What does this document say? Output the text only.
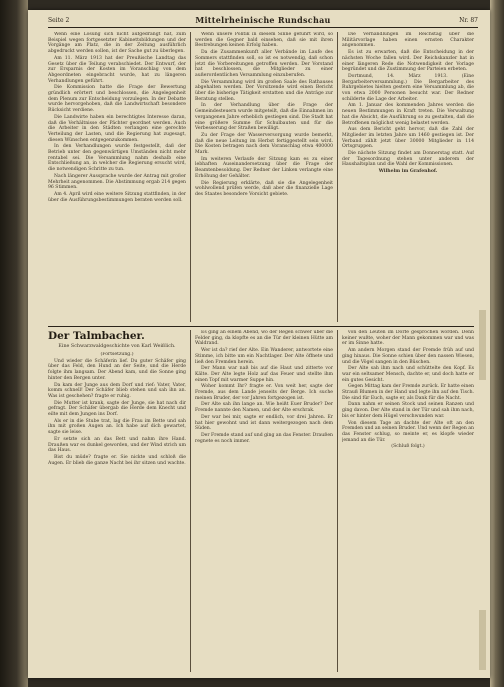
Seite 2	Mittelrheinische Rundschau	Nr. 87

Wenn eine Lösung sich nicht aufgedrängt hat, zum Beispiel wegen fortgesetzter Kabinettsbildungen und der Vorgänge am Platz, die in der Zeitung ausführlich abgedruckt werden sollen, ist der Sache gut zu überlegen.

Am 11. März 1913 hat der Preußische Landtag das Gesetz über die Teilung verabschiedet. Der Entwurf, der zur Ersparnis der Kosten im Voranschlag von dem Abgeordneten eingebracht wurde, hat zu längeren Verhandlungen geführt.

Die Kommission hatte die Frage der Bewertung gründlich erörtert und beschlossen, die Angelegenheit dem Plenum zur Entscheidung vorzulegen. In der Debatte wurde hervorgehoben, daß die Landwirtschaft besondere Rücksicht verdiene.

Die Landwirte haben ein berechtigtes Interesse daran, daß die Verhältnisse der Pächter geordnet werden. Auch die Arbeiter in den Städten verlangen eine gerechte Verteilung der Lasten, und die Regierung hat zugesagt, diesen Wünschen entgegenzukommen.

In den Verhandlungen wurde festgestellt, daß der Betrieb unter den gegenwärtigen Umständen nicht mehr rentabel sei. Die Versammlung nahm deshalb eine Entschließung an, in welcher die Regierung ersucht wird, die notwendigen Schritte zu tun.

Nach längerer Aussprache wurde der Antrag mit großer Mehrheit angenommen. Die Abstimmung ergab 214 gegen 96 Stimmen.

Am 4. April wird eine weitere Sitzung stattfinden, in der über die Ausführungsbestimmungen beraten werden soll.

Wenn unsere Politik in diesem Sinne geführt wird, so werden die Gegner bald einsehen, daß sie mit ihren Bestrebungen keinen Erfolg haben.

Da die Zusammenkunft aller Verbände im Laufe des Sommers stattfinden soll, so ist es notwendig, daß schon jetzt die Vorbereitungen getroffen werden. Der Vorstand hat beschlossen, die Mitglieder zu einer außerordentlichen Versammlung einzuberufen.

Die Versammlung wird im großen Saale des Rathauses abgehalten werden. Der Vorsitzende wird einen Bericht über die bisherige Tätigkeit erstatten und die Anträge zur Beratung stellen.

In der Verhandlung über die Frage der Gemeindesteuern wurde mitgeteilt, daß die Einnahmen im vergangenen Jahre erheblich gestiegen sind. Die Stadt hat eine größere Summe für Schulbauten und für die Verbesserung der Straßen bewilligt.

Zu der Frage der Wasserversorgung wurde bemerkt, daß die neue Leitung im Herbst fertiggestellt sein wird. Die Kosten betragen nach dem Voranschlag etwa 400000 Mark.

Im weiteren Verlaufe der Sitzung kam es zu einer lebhaften Auseinandersetzung über die Frage der Beamtenbesoldung. Der Redner der Linken verlangte eine Erhöhung der Gehälter.

Die Regierung erklärte, daß sie die Angelegenheit wohlwollend prüfen werde, daß aber die finanzielle Lage des Staates besondere Vorsicht gebiete.

Die Verhandlungen im Reichstag über die Militärvorlage haben einen ernsten Charakter angenommen.

Es ist zu erwarten, daß die Entscheidung in der nächsten Woche fallen wird. Der Reichskanzler hat in einer längeren Rede die Notwendigkeit der Vorlage begründet und die Zustimmung der Parteien erbeten.

Dortmund, 14. März 1913. (Eine Bergarbeiterversammlung.) Die Bergarbeiter des Ruhrgebietes hielten gestern eine Versammlung ab, die von etwa 2000 Personen besucht war. Der Redner schilderte die Lage der Arbeiter.

Am 1. Januar des kommenden Jahres werden die neuen Bestimmungen in Kraft treten. Die Verwaltung hat die Absicht, die Ausführung so zu gestalten, daß die Betroffenen möglichst wenig belastet werden.

Aus dem Bericht geht hervor, daß die Zahl der Mitglieder im letzten Jahre um 1460 gestiegen ist. Der Verband zählt jetzt über 30000 Mitglieder in 114 Ortsgruppen.

Die nächste Sitzung findet am Donnerstag statt. Auf der Tagesordnung stehen unter anderem der Haushaltsplan und die Wahl der Kommissionen.

Wilhelm im Grafenhof.

Der Talmbacher.
Eine Schwarzwaldgeschichte von Karl Weißlich.

(Fortsetzung.)

Und wieder die Schäferin lief. Du guter Schäfer ging über das Feld, den Hund an der Seite, und die Herde folgte ihm langsam. Der Abend kam, und die Sonne ging hinter den Bergen unter.

Da kam der Junge aus dem Dorf und rief: Vater, Vater, komm schnell! Der Schäfer blieb stehen und sah ihn an. Was ist geschehen? fragte er ruhig.

Die Mutter ist krank, sagte der Junge, sie hat nach dir gefragt. Der Schäfer übergab die Herde dem Knecht und eilte mit dem Jungen ins Dorf.

Als er in die Stube trat, lag die Frau im Bette und sah ihn mit großen Augen an. Ich habe auf dich gewartet, sagte sie leise.

Er setzte sich an das Bett und nahm ihre Hand. Draußen war es dunkel geworden, und der Wind strich um das Haus.

Bist du müde? fragte er. Sie nickte und schloß die Augen. Er blieb die ganze Nacht bei ihr sitzen und wachte.

Es ging an einem Abend, wo der Regen schwer über die Felder ging, da klopfte es an die Tür der kleinen Hütte am Waldrand.

Wer ist da? rief der Alte. Ein Wanderer, antwortete eine Stimme, ich bitte um ein Nachtlager. Der Alte öffnete und ließ den Fremden herein.

Der Mann war naß bis auf die Haut und zitterte vor Kälte. Der Alte legte Holz auf das Feuer und stellte ihm einen Topf mit warmer Suppe hin.

Woher kommt Ihr? fragte er. Von weit her, sagte der Fremde, aus dem Lande jenseits der Berge. Ich suche meinen Bruder, der vor Jahren fortgezogen ist.

Der Alte sah ihn lange an. Wie heißt Euer Bruder? Der Fremde nannte den Namen, und der Alte erschrak.

Der war bei mir, sagte er endlich, vor drei Jahren. Er hat hier gewohnt und ist dann weitergezogen nach dem Süden.

Der Fremde stand auf und ging an das Fenster. Draußen regnete es noch immer.

von den Leuten im Dorfe gesprochen worden. Denn keiner wußte, woher der Mann gekommen war und was er im Sinne hatte.

Am andern Morgen stand der Fremde früh auf und ging hinaus. Die Sonne schien über den nassen Wiesen, und die Vögel sangen in den Büschen.

Der Alte sah ihm nach und schüttelte den Kopf. Es war ein seltsamer Mensch, dachte er, und doch hatte er ein gutes Gesicht.

Gegen Mittag kam der Fremde zurück. Er hatte einen Strauß Blumen in der Hand und legte ihn auf den Tisch. Die sind für Euch, sagte er, als Dank für die Nacht.

Dann nahm er seinen Stock und seinen Ranzen und ging davon. Der Alte stand in der Tür und sah ihm nach, bis er hinter dem Hügel verschwunden war.

Von diesem Tage an dachte der Alte oft an den Fremden und an seinen Bruder. Und wenn der Regen an das Fenster schlug, so meinte er, es klopfe wieder jemand an die Tür.

(Schluß folgt.)
